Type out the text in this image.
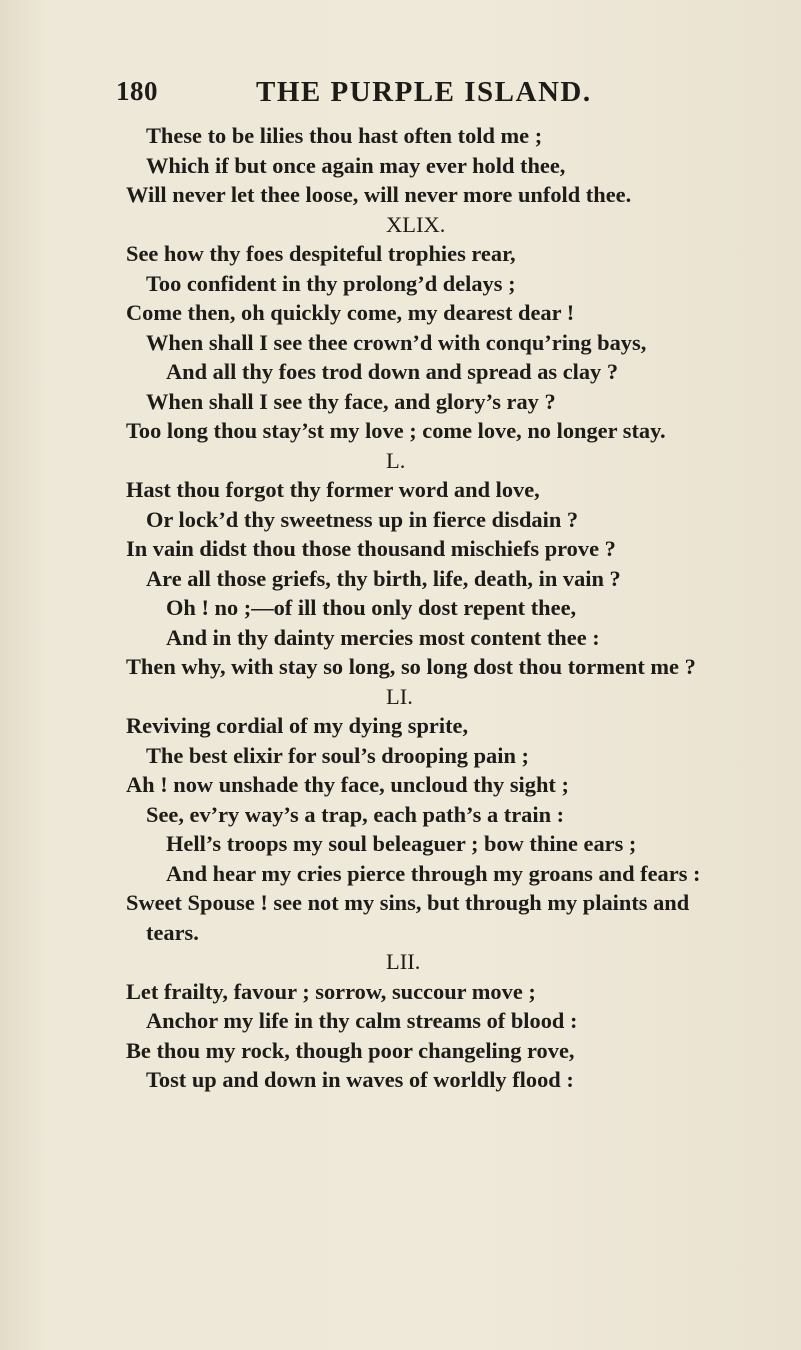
180	THE PURPLE ISLAND.
These to be lilies thou hast often told me ;
Which if but once again may ever hold thee,
Will never let thee loose, will never more unfold thee.
XLIX.
See how thy foes despiteful trophies rear,
Too confident in thy prolong’d delays ;
Come then, oh quickly come, my dearest dear !
When shall I see thee crown’d with conqu’ring bays,
And all thy foes trod down and spread as clay ?
When shall I see thy face, and glory’s ray ?
Too long thou stay’st my love ; come love, no longer stay.
L.
Hast thou forgot thy former word and love,
Or lock’d thy sweetness up in fierce disdain ?
In vain didst thou those thousand mischiefs prove ?
Are all those griefs, thy birth, life, death, in vain ?
Oh ! no ;—of ill thou only dost repent thee,
And in thy dainty mercies most content thee :
Then why, with stay so long, so long dost thou torment me ?
LI.
Reviving cordial of my dying sprite,
The best elixir for soul’s drooping pain ;
Ah ! now unshade thy face, uncloud thy sight ;
See, ev’ry way’s a trap, each path’s a train :
Hell’s troops my soul beleaguer ; bow thine ears ;
And hear my cries pierce through my groans and fears :
Sweet Spouse ! see not my sins, but through my plaints and
tears.
LII.
Let frailty, favour ; sorrow, succour move ;
Anchor my life in thy calm streams of blood :
Be thou my rock, though poor changeling rove,
Tost up and down in waves of worldly flood :
